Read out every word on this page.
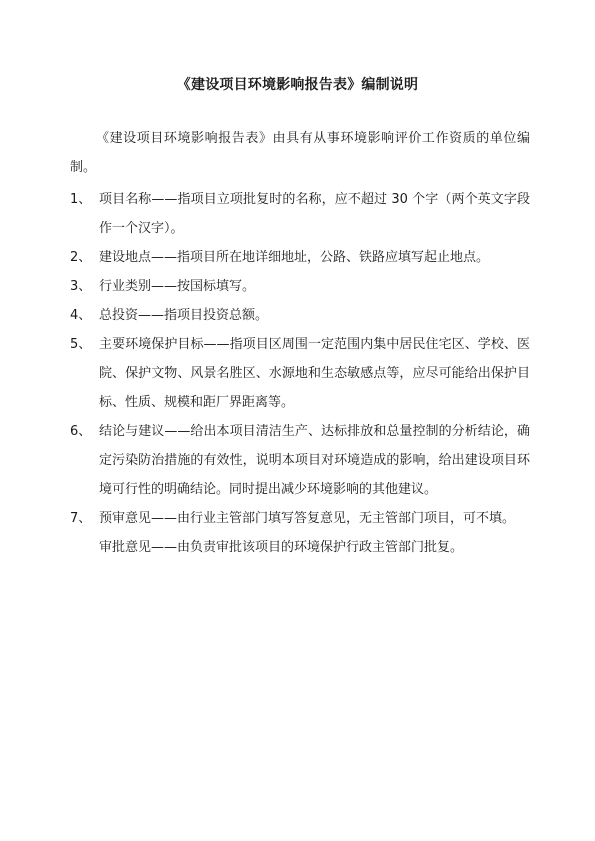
《建设项目环境影响报告表》编制说明
《建设项目环境影响报告表》由具有从事环境影响评价工作资质的单位编制。
1、 项目名称——指项目立项批复时的名称，应不超过 30 个字（两个英文字段作一个汉字）。
2、 建设地点——指项目所在地详细地址，公路、铁路应填写起止地点。
3、 行业类别——按国标填写。
4、 总投资——指项目投资总额。
5、 主要环境保护目标——指项目区周围一定范围内集中居民住宅区、学校、医院、保护文物、风景名胜区、水源地和生态敏感点等，应尽可能给出保护目标、性质、规模和距厂界距离等。
6、 结论与建议——给出本项目清洁生产、达标排放和总量控制的分析结论，确定污染防治措施的有效性，说明本项目对环境造成的影响，给出建设项目环境可行性的明确结论。同时提出减少环境影响的其他建议。
7、 预审意见——由行业主管部门填写答复意见，无主管部门项目，可不填。
审批意见——由负责审批该项目的环境保护行政主管部门批复。
